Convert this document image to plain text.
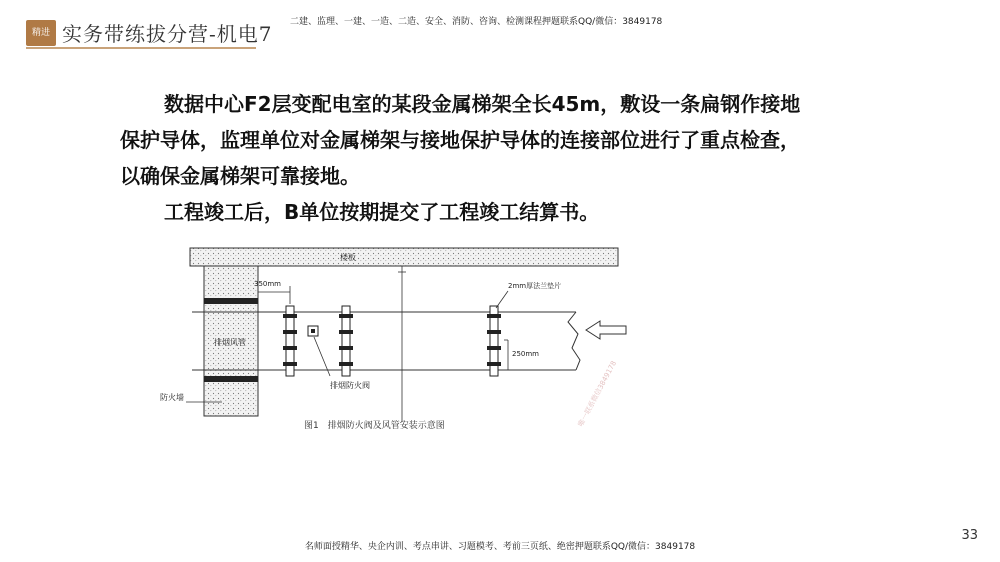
精进 实务带练拔分营-机电7 二建、监理、一建、一造、二造、安全、消防、咨询、检测课程押题联系QQ/微信：3849178

数据中心F2层变配电室的某段金属梯架全长45m，敷设一条扁钢作接地保护导体，监理单位对金属梯架与接地保护导体的连接部位进行了重点检查，以确保金属梯架可靠接地。

工程竣工后，B单位按期提交了工程竣工结算书。

楼板
防火墙
排烟风管
排烟防火阀
350mm	2mm厚法兰垫片
250mm
图1　排烟防火阀及风管安装示意图	唯一联系微信3849178
名师面授精华、央企内训、考点串讲、习题模考、考前三页纸、绝密押题联系QQ/微信：3849178
33
